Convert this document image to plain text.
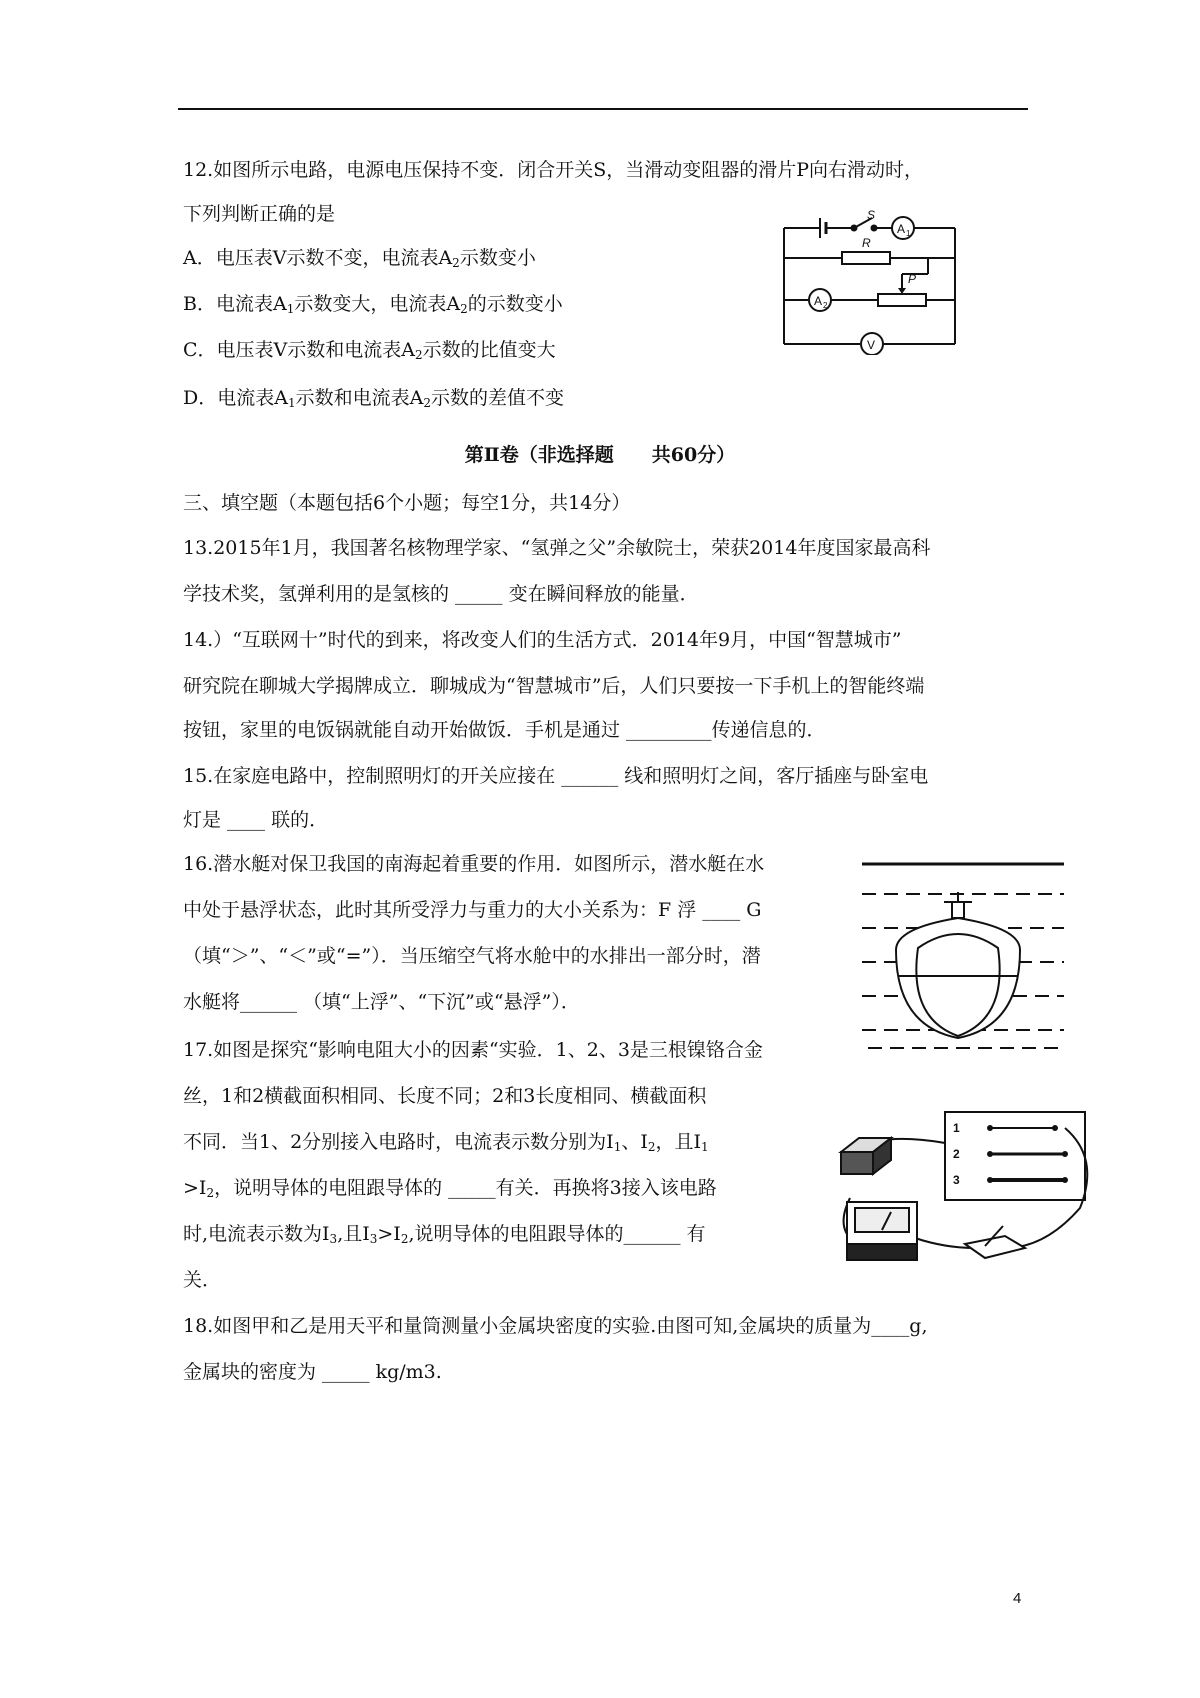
12.如图所示电路，电源电压保持不变．闭合开关S，当滑动变阻器的滑片P向右滑动时，
下列判断正确的是
A．电压表V示数不变，电流表$A_2$示数变小
B．电流表$A_1$示数变大，电流表$A_2$的示数变小
C．电压表V示数和电流表$A_2$示数的比值变大
D．电流表$A_1$示数和电流表$A_2$示数的差值不变
S
A 1
R
A 2
P
V
第Ⅱ卷（非选择题　　共60分）
三、填空题（本题包括6个小题；每空1分，共14分）
13.2015年1月，我国著名核物理学家、“氢弹之父”余敏院士，荣获2014年度国家最高科
学技术奖，氢弹利用的是氢核的 _____ 变在瞬间释放的能量．
14.）“互联网十”时代的到来，将改变人们的生活方式．2014年9月，中国“智慧城市”
研究院在聊城大学揭牌成立．聊城成为“智慧城市”后，人们只要按一下手机上的智能终端
按钮，家里的电饭锅就能自动开始做饭．手机是通过 _________传递信息的．
15.在家庭电路中，控制照明灯的开关应接在 ______ 线和照明灯之间，客厅插座与卧室电
灯是 ____ 联的．
16.潜水艇对保卫我国的南海起着重要的作用．如图所示，潜水艇在水
中处于悬浮状态，此时其所受浮力与重力的大小关系为：F 浮 ____ G
（填“＞”、“＜”或“=”）．当压缩空气将水舱中的水排出一部分时，潜
水艇将______ （填“上浮”、“下沉”或“悬浮”）．
17.如图是探究“影响电阻大小的因素“实验．1、2、3是三根镍铬合金
丝，1和2横截面积相同、长度不同；2和3长度相同、横截面积
不同．当1、2分别接入电路时，电流表示数分别为$I_1$、$I_2$，且$I_1$
$>I_2$，说明导体的电阻跟导体的 _____有关．再换将3接入该电路
时,电流表示数为$I_3$,且$I_3>I_2$,说明导体的电阻跟导体的______ 有
关．
1
2
3
18.如图甲和乙是用天平和量筒测量小金属块密度的实验.由图可知,金属块的质量为____g,
金属块的密度为 _____ kg/m3.
4
